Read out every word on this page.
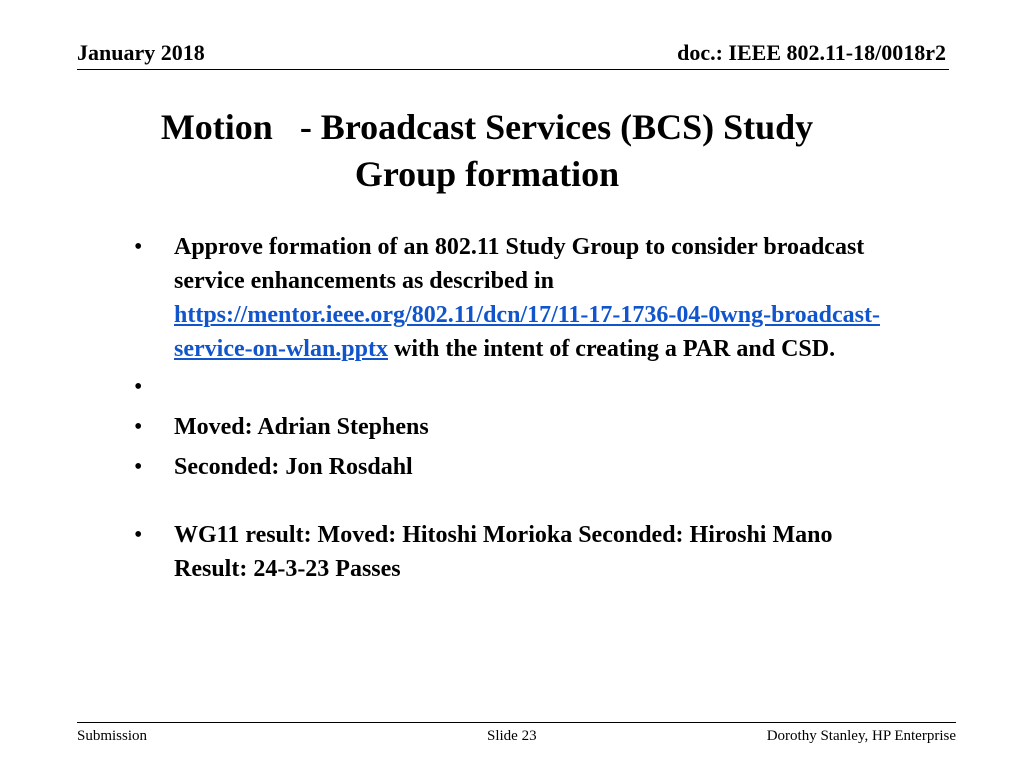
January 2018	doc.: IEEE 802.11-18/0018r2
Motion   - Broadcast Services (BCS) Study
Group formation
• Approve formation of an 802.11 Study Group to consider broadcast service enhancements as described in https://mentor.ieee.org/802.11/dcn/17/11-17-1736-04-0wng-broadcast-service-on-wlan.pptx with the intent of creating a PAR and CSD.
•
• Moved: Adrian Stephens
• Seconded: Jon Rosdahl
• WG11 result: Moved: Hitoshi Morioka Seconded: Hiroshi Mano Result: 24-3-23 Passes
Submission	Slide 23	Dorothy Stanley, HP Enterprise
